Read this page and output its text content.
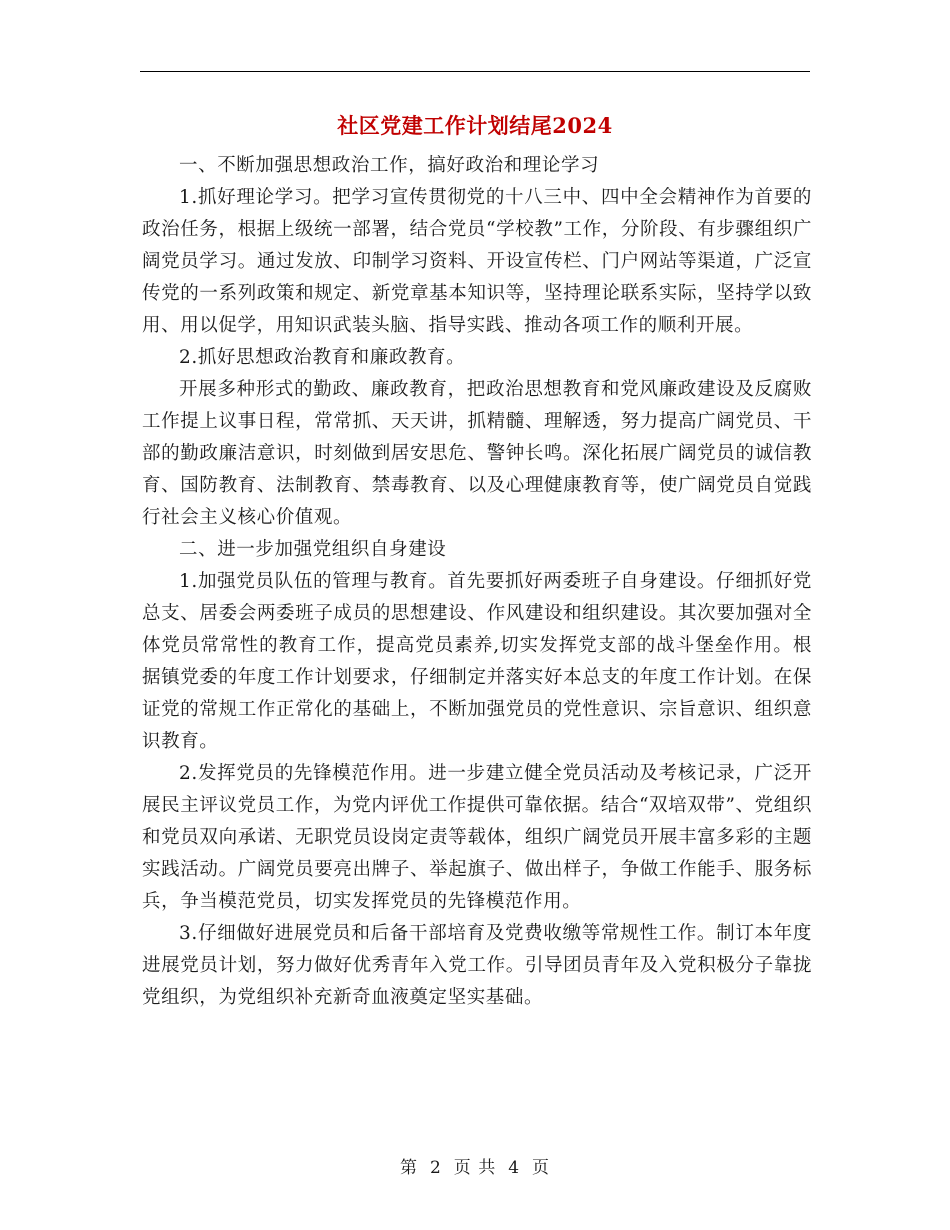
社区党建工作计划结尾2024

一、不断加强思想政治工作，搞好政治和理论学习

1.抓好理论学习。把学习宣传贯彻党的十八三中、四中全会精神作为首要的政治任务，根据上级统一部署，结合党员“学校教”工作，分阶段、有步骤组织广阔党员学习。通过发放、印制学习资料、开设宣传栏、门户网站等渠道，广泛宣传党的一系列政策和规定、新党章基本知识等，坚持理论联系实际，坚持学以致用、用以促学，用知识武装头脑、指导实践、推动各项工作的顺利开展。

2.抓好思想政治教育和廉政教育。

开展多种形式的勤政、廉政教育，把政治思想教育和党风廉政建设及反腐败工作提上议事日程，常常抓、天天讲，抓精髓、理解透，努力提高广阔党员、干部的勤政廉洁意识，时刻做到居安思危、警钟长鸣。深化拓展广阔党员的诚信教育、国防教育、法制教育、禁毒教育、以及心理健康教育等，使广阔党员自觉践行社会主义核心价值观。

二、进一步加强党组织自身建设

1.加强党员队伍的管理与教育。首先要抓好两委班子自身建设。仔细抓好党总支、居委会两委班子成员的思想建设、作风建设和组织建设。其次要加强对全体党员常常性的教育工作，提高党员素养,切实发挥党支部的战斗堡垒作用。根据镇党委的年度工作计划要求，仔细制定并落实好本总支的年度工作计划。在保证党的常规工作正常化的基础上，不断加强党员的党性意识、宗旨意识、组织意识教育。

2.发挥党员的先锋模范作用。进一步建立健全党员活动及考核记录，广泛开展民主评议党员工作，为党内评优工作提供可靠依据。结合“双培双带”、党组织和党员双向承诺、无职党员设岗定责等载体，组织广阔党员开展丰富多彩的主题实践活动。广阔党员要亮出牌子、举起旗子、做出样子，争做工作能手、服务标兵，争当模范党员，切实发挥党员的先锋模范作用。

3.仔细做好进展党员和后备干部培育及党费收缴等常规性工作。制订本年度进展党员计划，努力做好优秀青年入党工作。引导团员青年及入党积极分子靠拢党组织，为党组织补充新奇血液奠定坚实基础。

第 2 页 共 4 页
